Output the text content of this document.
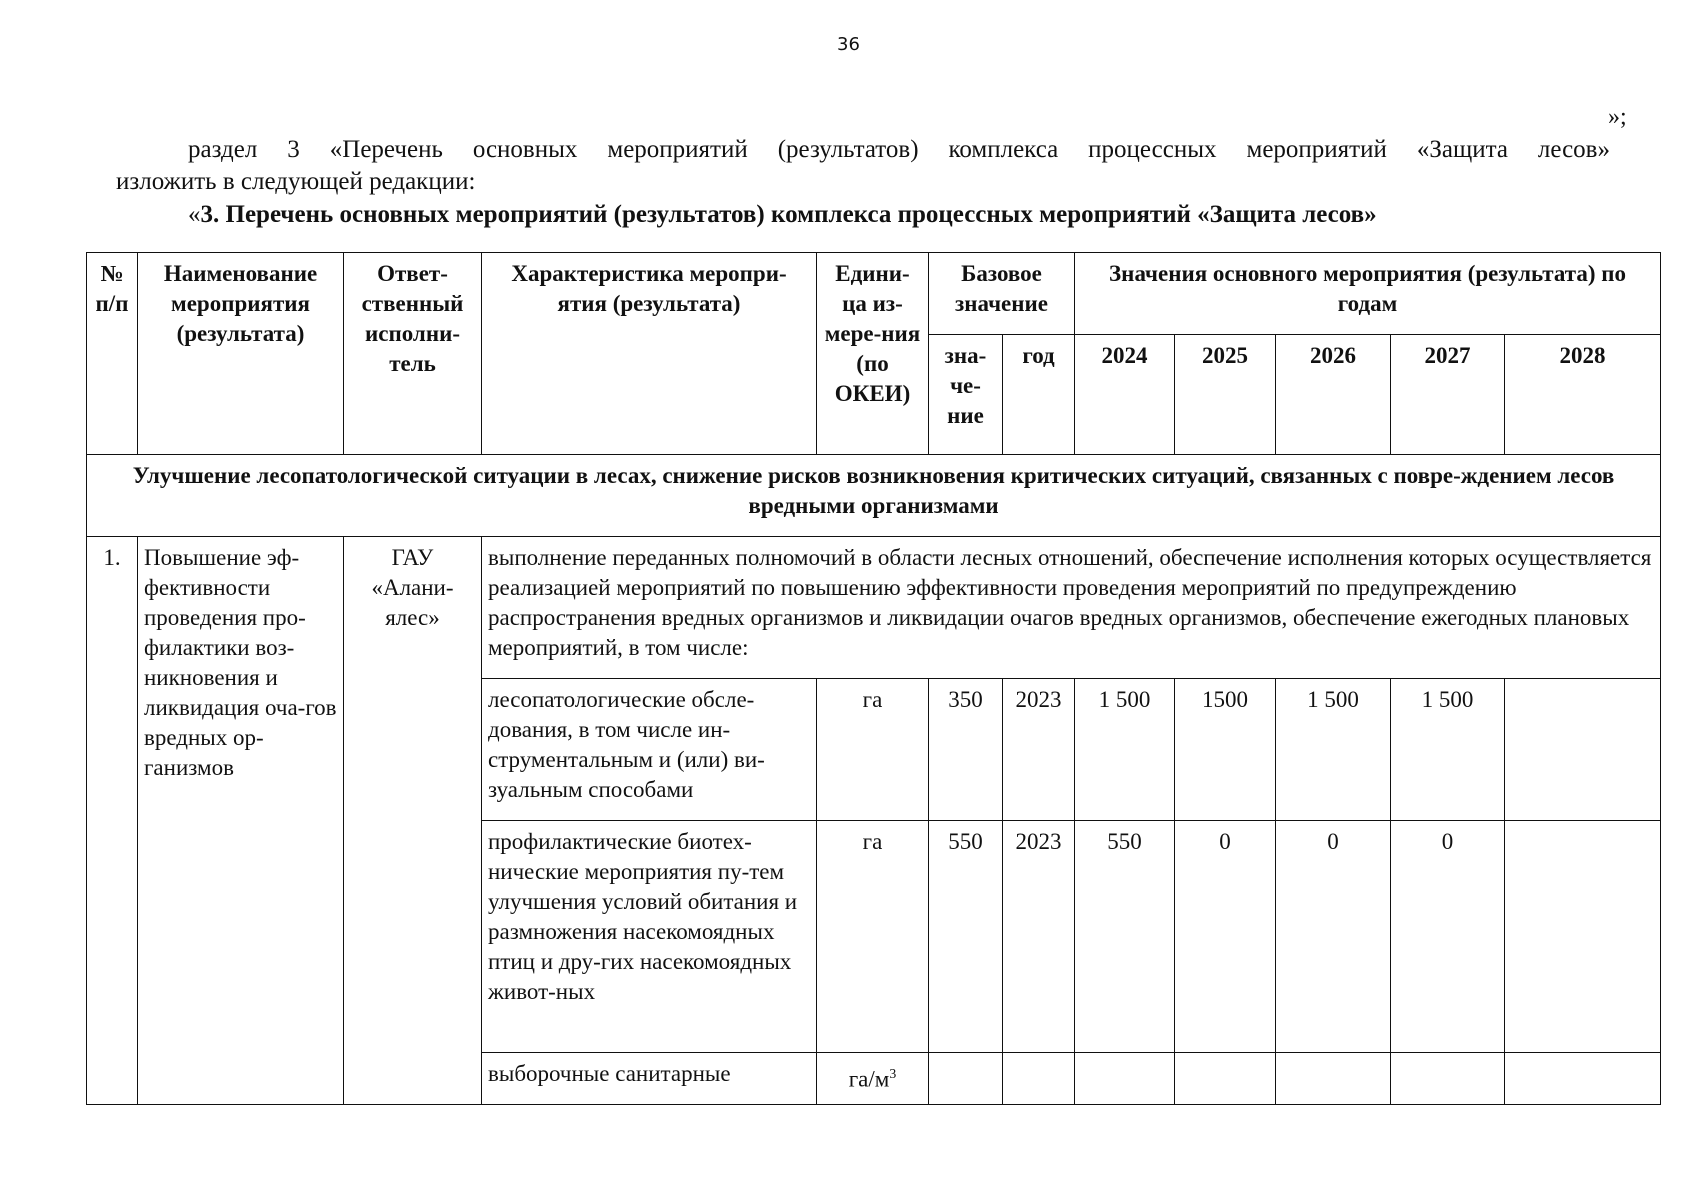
36
»;
раздел 3 «Перечень основных мероприятий (результатов) комплекса процессных мероприятий «Защита лесов»
изложить в следующей редакции:
«3. Перечень основных мероприятий (результатов) комплекса процессных мероприятий «Защита лесов»
№ п/п	Наименование мероприятия (результата)	Ответ-ственный исполни-тель	Характеристика меропри-ятия (результата)	Едини-ца из-мере-ния (по ОКЕИ)	Базовое значение		Значения основного мероприятия (результата) по годам				
					зна-че-ние	год	2024	2025	2026	2027	2028
Улучшение лесопатологической ситуации в лесах, снижение рисков возникновения критических ситуаций, связанных с повре-ждением лесов вредными организмами											
1.	Повышение эф-фективности проведения про-филактики воз-никновения и ликвидация оча-гов вредных ор-ганизмов	ГАУ «Алани-ялес»	выполнение переданных полномочий в области лесных отношений, обеспечение исполнения которых осуществляется реализацией мероприятий по повышению эффективности проведения мероприятий по предупреждению распространения вредных организмов и ликвидации очагов вредных организмов, обеспечение ежегодных плановых мероприятий, в том числе:								
			лесопатологические обсле-дования, в том числе ин-струментальным и (или) ви-зуальным способами	га	350	2023	1 500	1500	1 500	1 500	
			профилактические биотех-нические мероприятия пу-тем улучшения условий обитания и размножения насекомоядных птиц и дру-гих насекомоядных живот-ных	га	550	2023	550	0	0	0	
			выборочные санитарные	$га/м^3$							
